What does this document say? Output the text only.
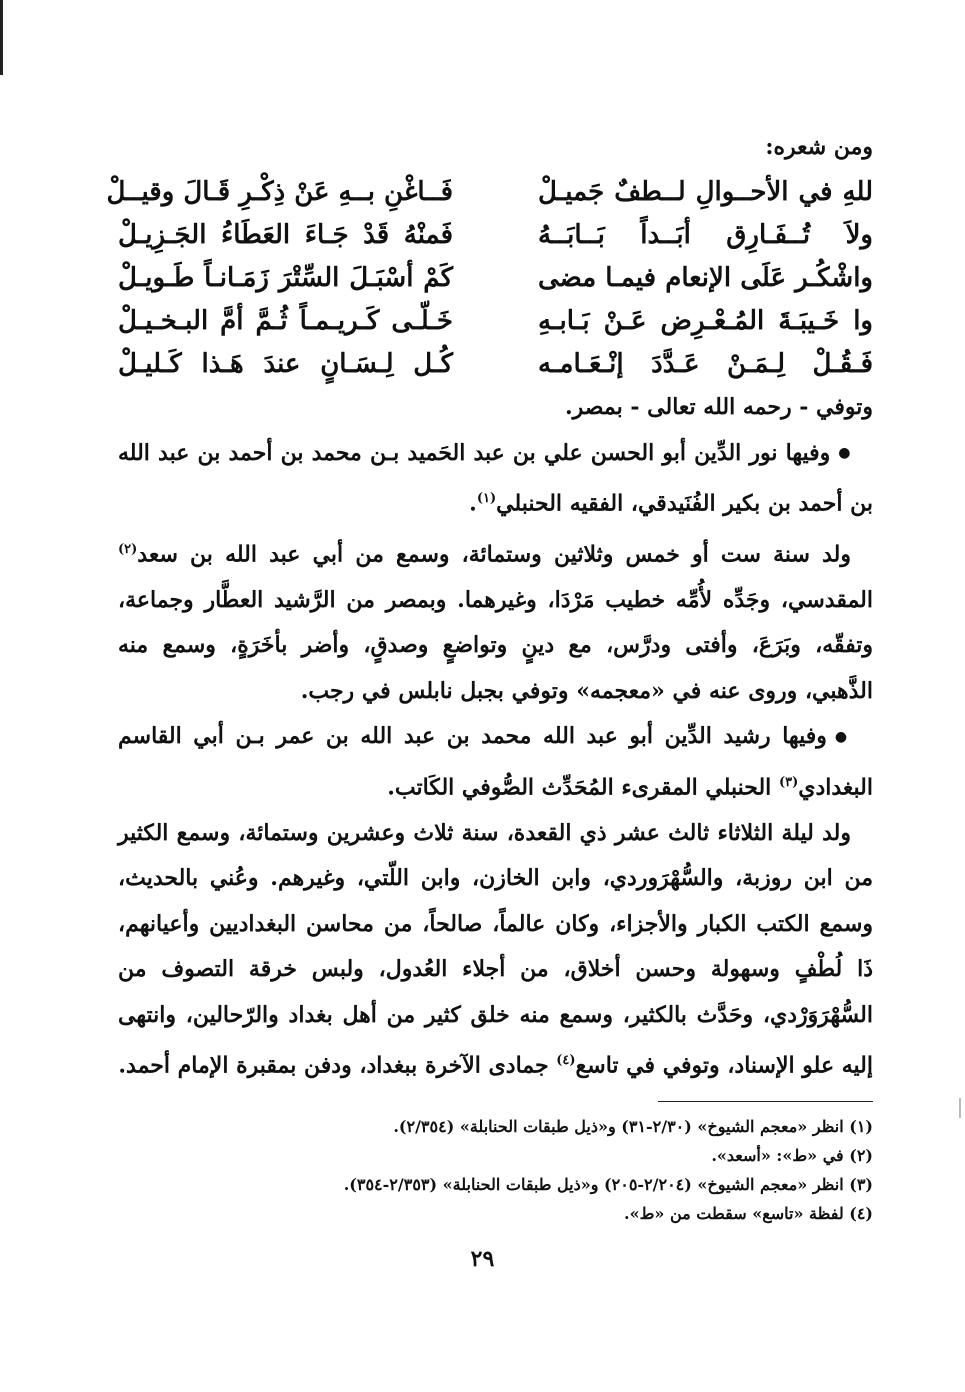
ومن شعره:

للهِ في الأحــوالِ لــطفٌ جَميـلْ
فَــاغْنِ بــهِ عَنْ ذِكْـرِ قَـالَ وقيــلْ
ولاَ تُــفَـارِق أبَــداً بَــابَــهُ
فَمنْهُ قَدْ جَـاءَ العَطَاءُ الجَـزِيـلْ
واشْكُـر عَلَى الإنعام فيمـا مضى
كَمْ أسْبَـلَ السِّتْرَ زَمَـانـاً طَـويـلْ
وا خَـيبَـةَ المُـعْـرِض عَـنْ بَـابـهِ
خَـلّـى كَـريـمـاً ثُـمَّ أمَّ البـخـيـلْ
فَـقُـلْ لِـمَـنْ عَـدَّدَ إنْـعَـامـه
كُـل لِـسَـانٍ عندَ هَـذا كَـليـلْ

وتوفي - رحمه الله تعالى - بمصر.

●وفيها نور الدِّين أبو الحسن علي بن عبد الحَميد بـن محمد بن أحمد بن عبد الله بن أحمد بن بكير الفُنَيدقي، الفقيه الحنبلي$^{(١)}$.

ولد سنة ست أو خمس وثلاثين وستمائة، وسمع من أبي عبد الله بن سعد$^{(٢)}$ المقدسي، وجَدِّه لأُمِّه خطيب مَرْدَا، وغيرهما. وبمصر من الرَّشيد العطَّار وجماعة، وتفقّه، وبَرَعَ، وأفتى ودرَّس، مع دينٍ وتواضعٍ وصدقٍ، وأضر بأخَرَةٍ، وسمع منه الذَّهبي، وروى عنه في «معجمه» وتوفي بجبل نابلس في رجب.

●وفيها رشيد الدِّين أبو عبد الله محمد بن عبد الله بن عمر بـن أبي القاسم البغدادي$^{(٣)}$ الحنبلي المقرىء المُحَدِّث الصُّوفي الكَاتب.

ولد ليلة الثلاثاء ثالث عشر ذي القعدة، سنة ثلاث وعشرين وستمائة، وسمع الكثير من ابن روزبة، والسُّهْرَوردي، وابن الخازن، وابن اللّتي، وغيرهم. وعُني بالحديث، وسمع الكتب الكبار والأجزاء، وكان عالماً، صالحاً، من محاسن البغداديين وأعيانهم، ذَا لُطْفٍ وسهولة وحسن أخلاق، من أجلاء العُدول، ولبس خرقة التصوف من السُّهْرَوَرْدي، وحَدَّث بالكثير، وسمع منه خلق كثير من أهل بغداد والرّحالين، وانتهى إليه علو الإسناد، وتوفي في تاسع$^{(٤)}$ جمادى الآخرة ببغداد، ودفن بمقبرة الإمام أحمد.

(١) انظر «معجم الشيوخ» (٢/٣٠-٣١) و«ذيل طبقات الحنابلة» (٢/٣٥٤).

(٢) في «ط»: «أسعد».

(٣) انظر «معجم الشيوخ» (٢/٢٠٤-٢٠٥) و«ذيل طبقات الحنابلة» (٢/٣٥٣-٣٥٤).

(٤) لفظة «تاسع» سقطت من «ط».

٢٩
